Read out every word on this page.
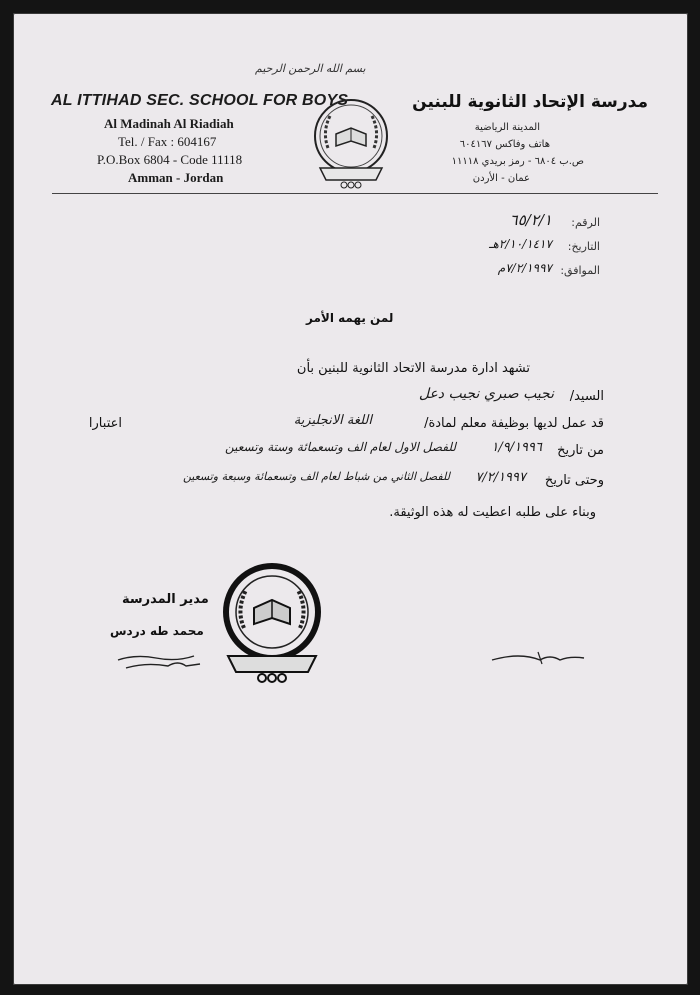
بسم الله الرحمن الرحيم
AL ITTIHAD SEC. SCHOOL FOR BOYS
Al Madinah Al Riadiah
Tel. / Fax : 604167
P.O.Box 6804 - Code 11118
Amman - Jordan
مدرسة الإتحاد الثانوية للبنين
المدينة الرياضية
هاتف وفاكس ٦٠٤١٦٧
ص.ب ٦٨٠٤ - رمز بريدي ١١١١٨
عمان - الأردن
الرقم:
٦٥/٢/١
التاريخ:
٢/١٠/١٤١٧هـ
الموافق:
٧/٢/١٩٩٧م
لمن يهمه الأمر
تشهد ادارة مدرسة الاتحاد الثانوية للبنين بأن
السيد/
نجيب صبري نجيب دعل
قد عمل لديها بوظيفة معلم لمادة/
اللغة الانجليزية
اعتبارا
من تاريخ
١/٩/١٩٩٦
للفصل الاول لعام الف وتسعمائة وستة وتسعين
وحتى تاريخ
٧/٢/١٩٩٧
للفصل الثاني من شباط لعام الف وتسعمائة وسبعة وتسعين
وبناء على طلبه اعطيت له هذه الوثيقة.
مدير المدرسة
محمد طه دردس
